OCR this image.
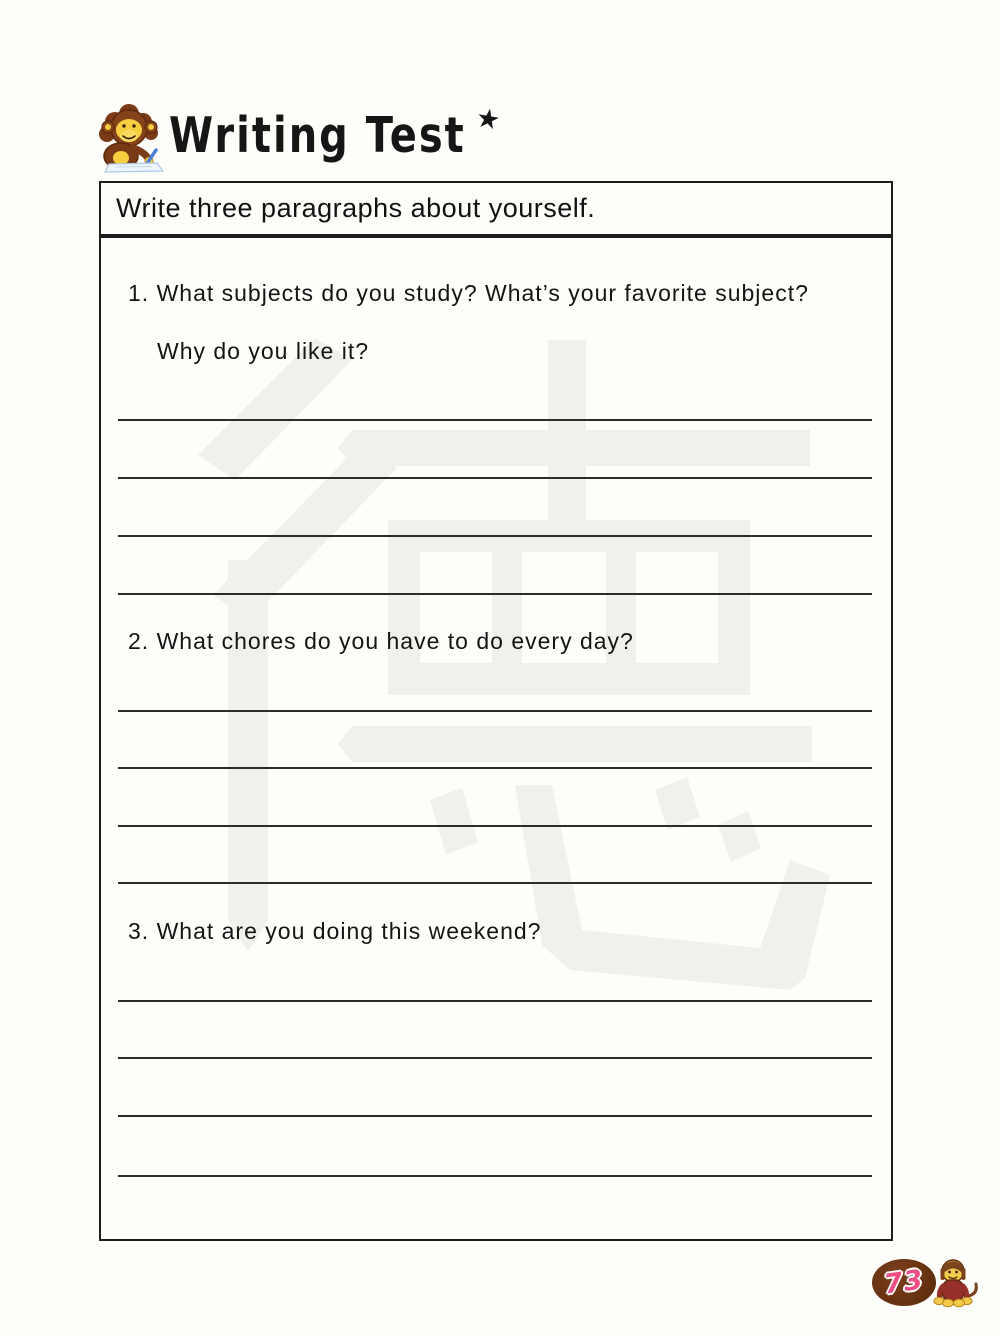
Writing Test ★
Write three paragraphs about yourself.
1. What subjects do you study? What’s your favorite subject?
Why do you like it?
2. What chores do you have to do every day?
3. What are you doing this weekend?
73
